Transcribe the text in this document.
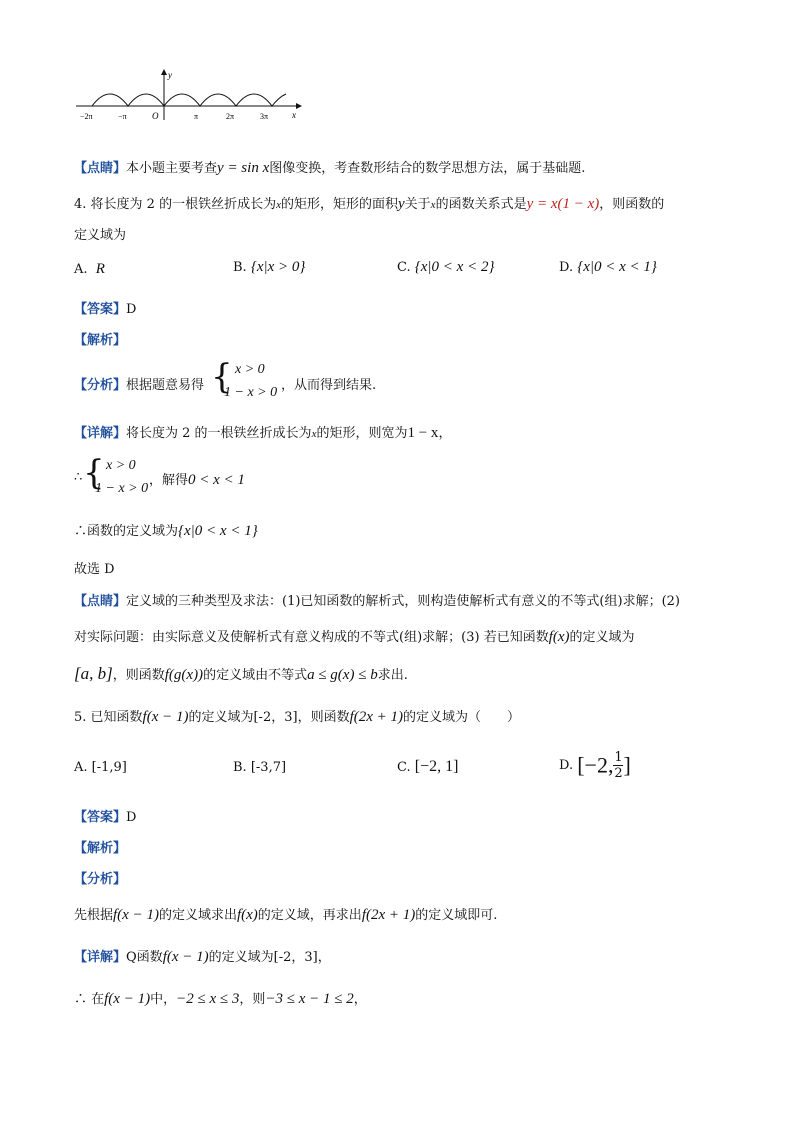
y
x
O
−2π	−π	π	2π	3π
【点睛】本小题主要考查y = sin x图像变换，考查数形结合的数学思想方法，属于基础题.
4. 将长度为 2 的一根铁丝折成长为x的矩形，矩形的面积y关于x的函数关系式是y = x(1 − x)，则函数的
定义域为
A. R	B. {x|x > 0}	C. {x|0 < x < 2}	D. {x|0 < x < 1}
【答案】D
【解析】
【分析】根据题意易得 { x > 0
1 − x > 0 ，从而得到结果.
【详解】将长度为 2 的一根铁丝折成长为x的矩形，则宽为1 − x，
∴ { x > 0
1 − x > 0
，解得0 < x < 1
∴函数的定义域为{x|0 < x < 1}
故选 D
【点睛】定义域的三种类型及求法：(1)已知函数的解析式，则构造使解析式有意义的不等式(组)求解；(2)
对实际问题：由实际意义及使解析式有意义构成的不等式(组)求解；(3) 若已知函数f(x)的定义域为
[a, b]，则函数f(g(x))的定义域由不等式a ≤ g(x) ≤ b求出.
5. 已知函数f(x − 1)的定义域为[-2，3]，则函数f(2x + 1)的定义域为（　　）
A. [-1,9]	B. [-3,7]	C. [−2, 1]	D. [−2, $\frac{1}{2}$ ]
【答案】D
【解析】
【分析】
先根据f(x − 1)的定义域求出f(x)的定义域，再求出f(2x + 1)的定义域即可.
【详解】Q函数f(x − 1)的定义域为[-2，3]，
∴ 在f(x − 1)中，−2 ≤ x ≤ 3，则−3 ≤ x − 1 ≤ 2，
